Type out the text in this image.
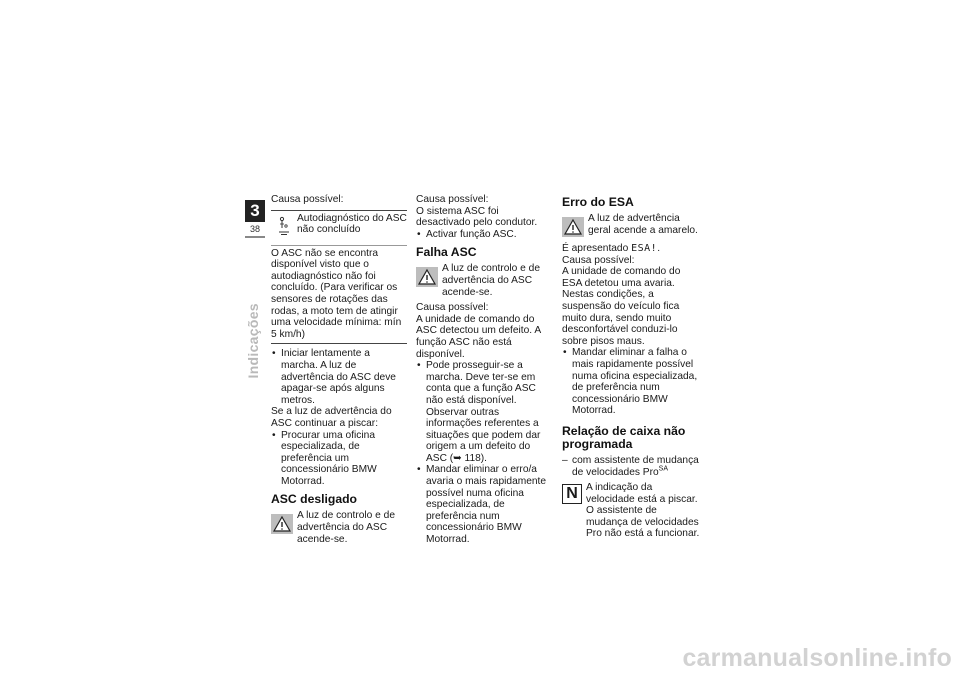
3
38
Indicações

Causa possível:

Autodiagnóstico do ASC não concluído
O ASC não se encontra disponível visto que o autodiagnóstico não foi concluído. (Para verificar os sensores de rotações das rodas, a moto tem de atingir uma velocidade mínima: mín 5 km/h)

• Iniciar lentamente a marcha. A luz de advertência do ASC deve apagar-se após alguns metros.

Se a luz de advertência do ASC continuar a piscar:

• Procurar uma oficina especializada, de preferência um concessionário BMW Motorrad.

ASC desligado
A luz de controlo e de advertência do ASC acende-se.

Causa possível:

O sistema ASC foi desactivado pelo condutor.

• Activar função ASC.

Falha ASC
A luz de controlo e de advertência do ASC acende-se.

Causa possível:

A unidade de comando do ASC detectou um defeito. A função ASC não está disponível.

• Pode prosseguir-se a marcha. Deve ter-se em conta que a função ASC não está disponível. Observar outras informações referentes a situações que podem dar origem a um defeito do ASC (➥ 118).

• Mandar eliminar o erro/a avaria o mais rapidamente possível numa oficina especializada, de preferência num concessionário BMW Motorrad.

Erro do ESA
A luz de advertência geral acende a amarelo.

É apresentado ESA!.

Causa possível:

A unidade de comando do ESA detetou uma avaria. Nestas condições, a suspensão do veículo fica muito dura, sendo muito desconfortável conduzi-lo sobre pisos maus.

• Mandar eliminar a falha o mais rapidamente possível numa oficina especializada, de preferência num concessionário BMW Motorrad.

Relação de caixa não programada

– com assistente de mudança de velocidades Pro$^{SA}$

N A indicação da velocidade está a piscar. O assistente de mudança de velocidades Pro não está a funcionar.
carmanualsonline.info
